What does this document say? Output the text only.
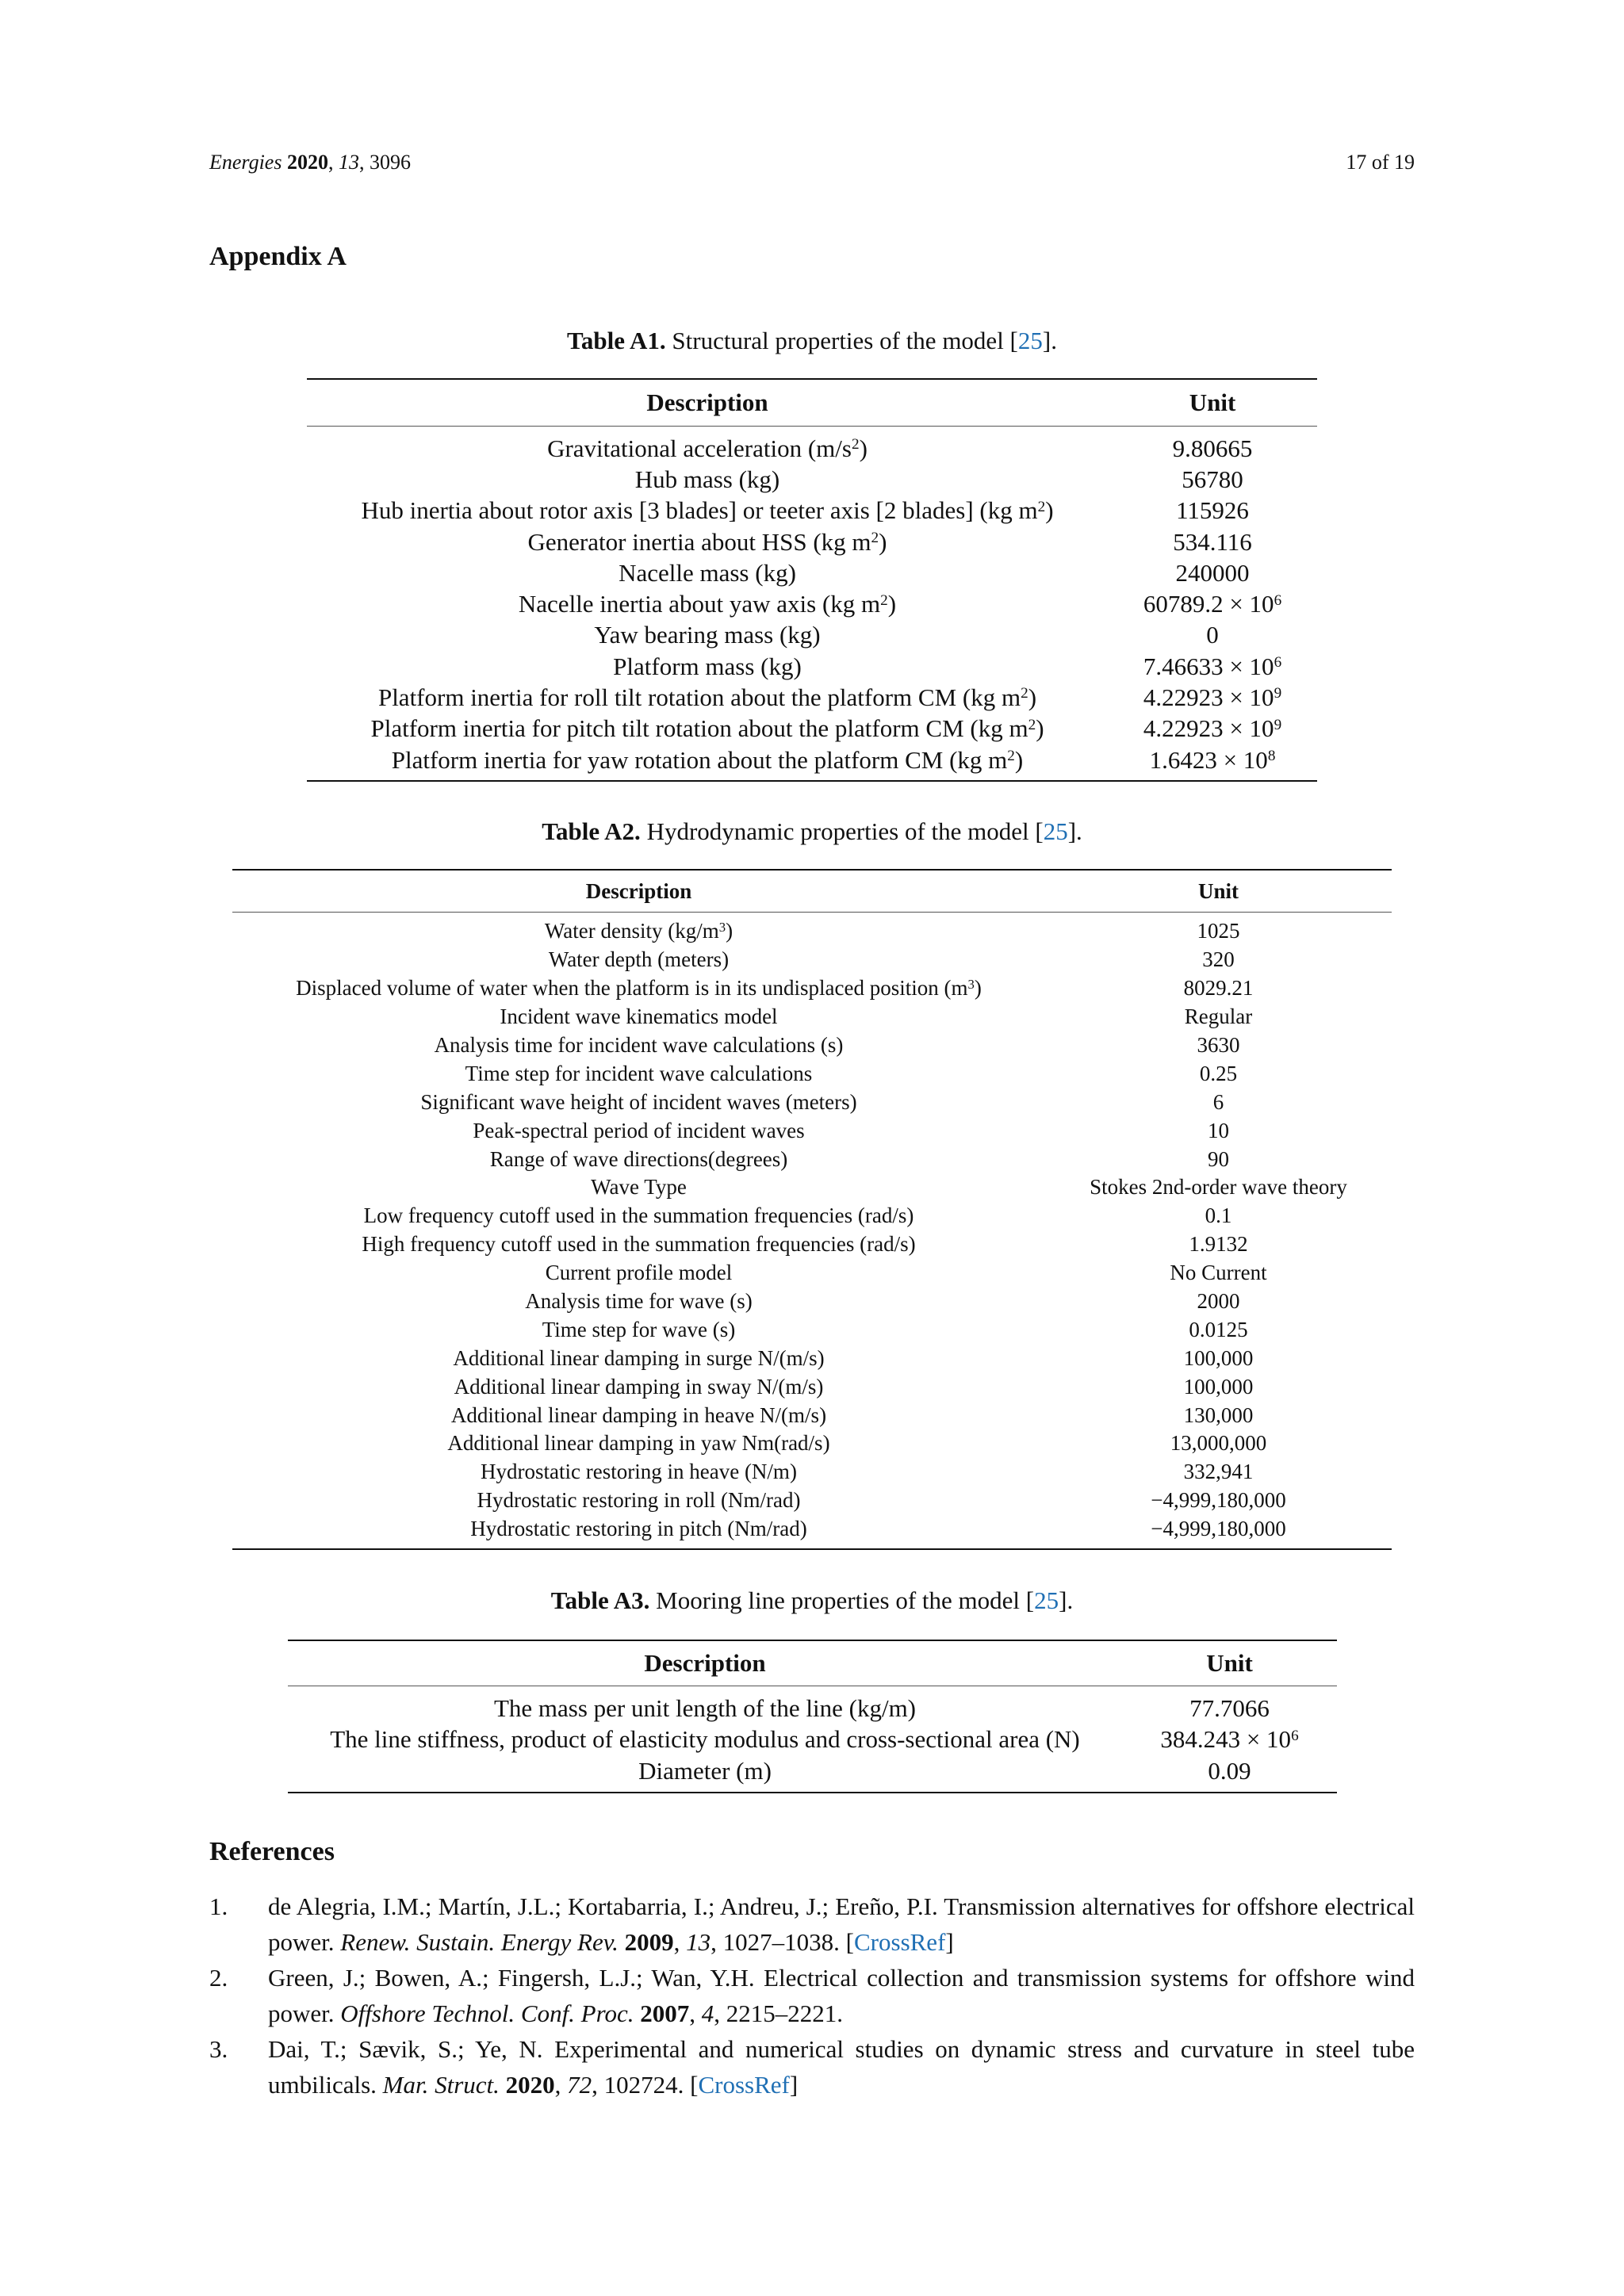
Energies 2020, 13, 3096	17 of 19
Appendix A
Table A1. Structural properties of the model [25].
Description	Unit
Gravitational acceleration $(m/s^2)$	9.80665
Hub mass (kg)	56780
Hub inertia about rotor axis [3 blades] or teeter axis [2 blades] (kg $m^2$)	115926
Generator inertia about HSS (kg $m^2$)	534.116
Nacelle mass (kg)	240000
Nacelle inertia about yaw axis (kg $m^2$)	$60789.2 \times 10^6$
Yaw bearing mass (kg)	0
Platform mass (kg)	$7.46633 \times 10^6$
Platform inertia for roll tilt rotation about the platform CM (kg $m^2$)	$4.22923 \times 10^9$
Platform inertia for pitch tilt rotation about the platform CM (kg $m^2$)	$4.22923 \times 10^9$
Platform inertia for yaw rotation about the platform CM (kg $m^2$)	$1.6423 \times 10^8$
Table A2. Hydrodynamic properties of the model [25].
Description	Unit
Water density $(kg/m^3)$	1025
Water depth (meters)	320
Displaced volume of water when the platform is in its undisplaced position $(m^3)$	8029.21
Incident wave kinematics model	Regular
Analysis time for incident wave calculations (s)	3630
Time step for incident wave calculations	0.25
Significant wave height of incident waves (meters)	6
Peak-spectral period of incident waves	10
Range of wave directions(degrees)	90
Wave Type	Stokes 2nd-order wave theory
Low frequency cutoff used in the summation frequencies (rad/s)	0.1
High frequency cutoff used in the summation frequencies (rad/s)	1.9132
Current profile model	No Current
Analysis time for wave (s)	2000
Time step for wave (s)	0.0125
Additional linear damping in surge N/(m/s)	100,000
Additional linear damping in sway N/(m/s)	100,000
Additional linear damping in heave N/(m/s)	130,000
Additional linear damping in yaw Nm(rad/s)	13,000,000
Hydrostatic restoring in heave (N/m)	332,941
Hydrostatic restoring in roll (Nm/rad)	−4,999,180,000
Hydrostatic restoring in pitch (Nm/rad)	−4,999,180,000
Table A3. Mooring line properties of the model [25].
Description	Unit
The mass per unit length of the line (kg/m)	77.7066
The line stiffness, product of elasticity modulus and cross-sectional area (N)	$384.243 \times 10^6$
Diameter (m)	0.09
References
1. de Alegria, I.M.; Martín, J.L.; Kortabarria, I.; Andreu, J.; Ereño, P.I. Transmission alternatives for offshore electrical power. Renew. Sustain. Energy Rev. 2009, 13, 1027–1038. [CrossRef]
2. Green, J.; Bowen, A.; Fingersh, L.J.; Wan, Y.H. Electrical collection and transmission systems for offshore wind power. Offshore Technol. Conf. Proc. 2007, 4, 2215–2221.
3. Dai, T.; Sævik, S.; Ye, N. Experimental and numerical studies on dynamic stress and curvature in steel tube umbilicals. Mar. Struct. 2020, 72, 102724. [CrossRef]
